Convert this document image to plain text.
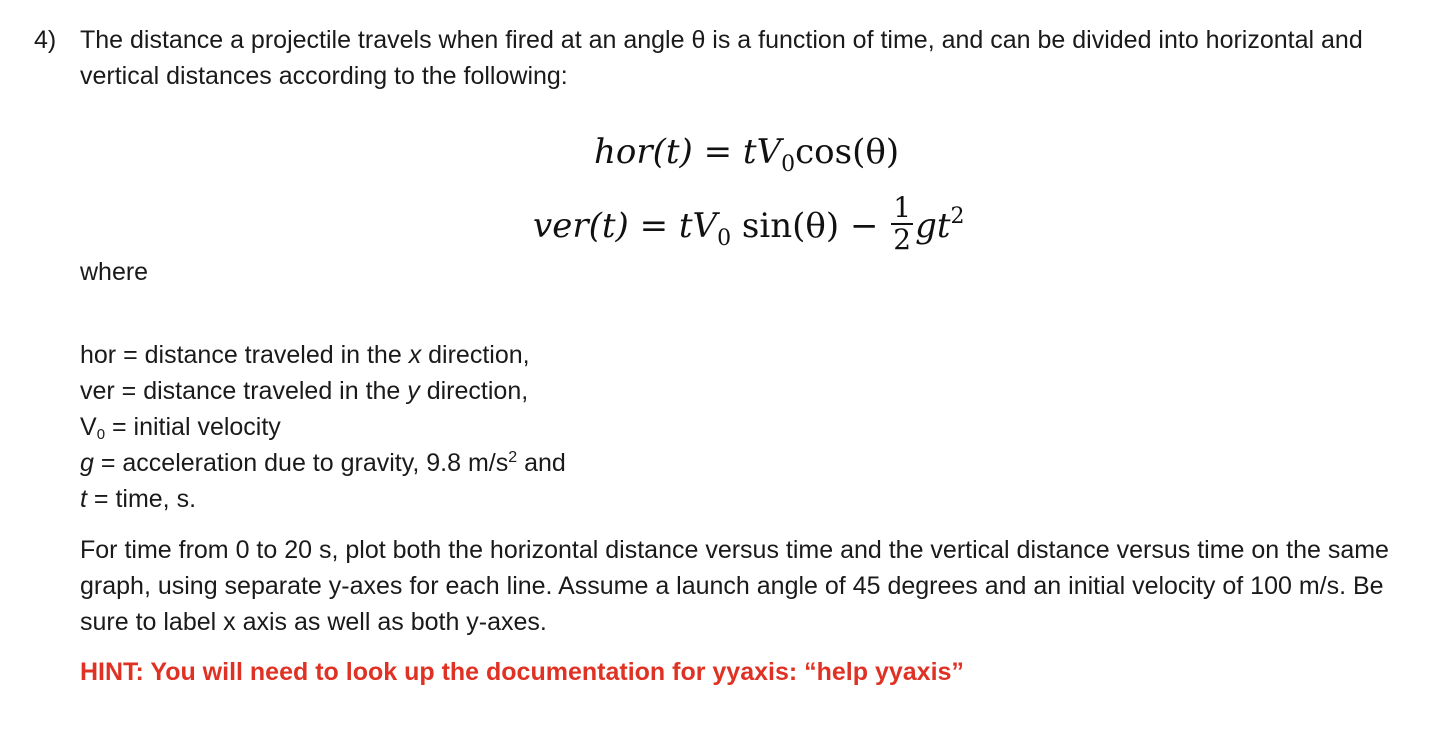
4) The distance a projectile travels when fired at an angle θ is a function of time, and can be divided into horizontal and vertical distances according to the following:
$hor(t) = tV_0\cos(\theta)$
$ver(t) = tV_0$ $\sin(\theta) - \frac{1}{2} gt^2$
where
hor = distance traveled in the x direction,
ver = distance traveled in the y direction,
V0 = initial velocity
g = acceleration due to gravity, 9.8 $m/s^2$ and
t = time, s.
For time from 0 to 20 s, plot both the horizontal distance versus time and the vertical distance versus time on the same graph, using separate y-axes for each line. Assume a launch angle of 45 degrees and an initial velocity of 100 m/s. Be sure to label x axis as well as both y-axes.
HINT: You will need to look up the documentation for yyaxis: “help yyaxis”
